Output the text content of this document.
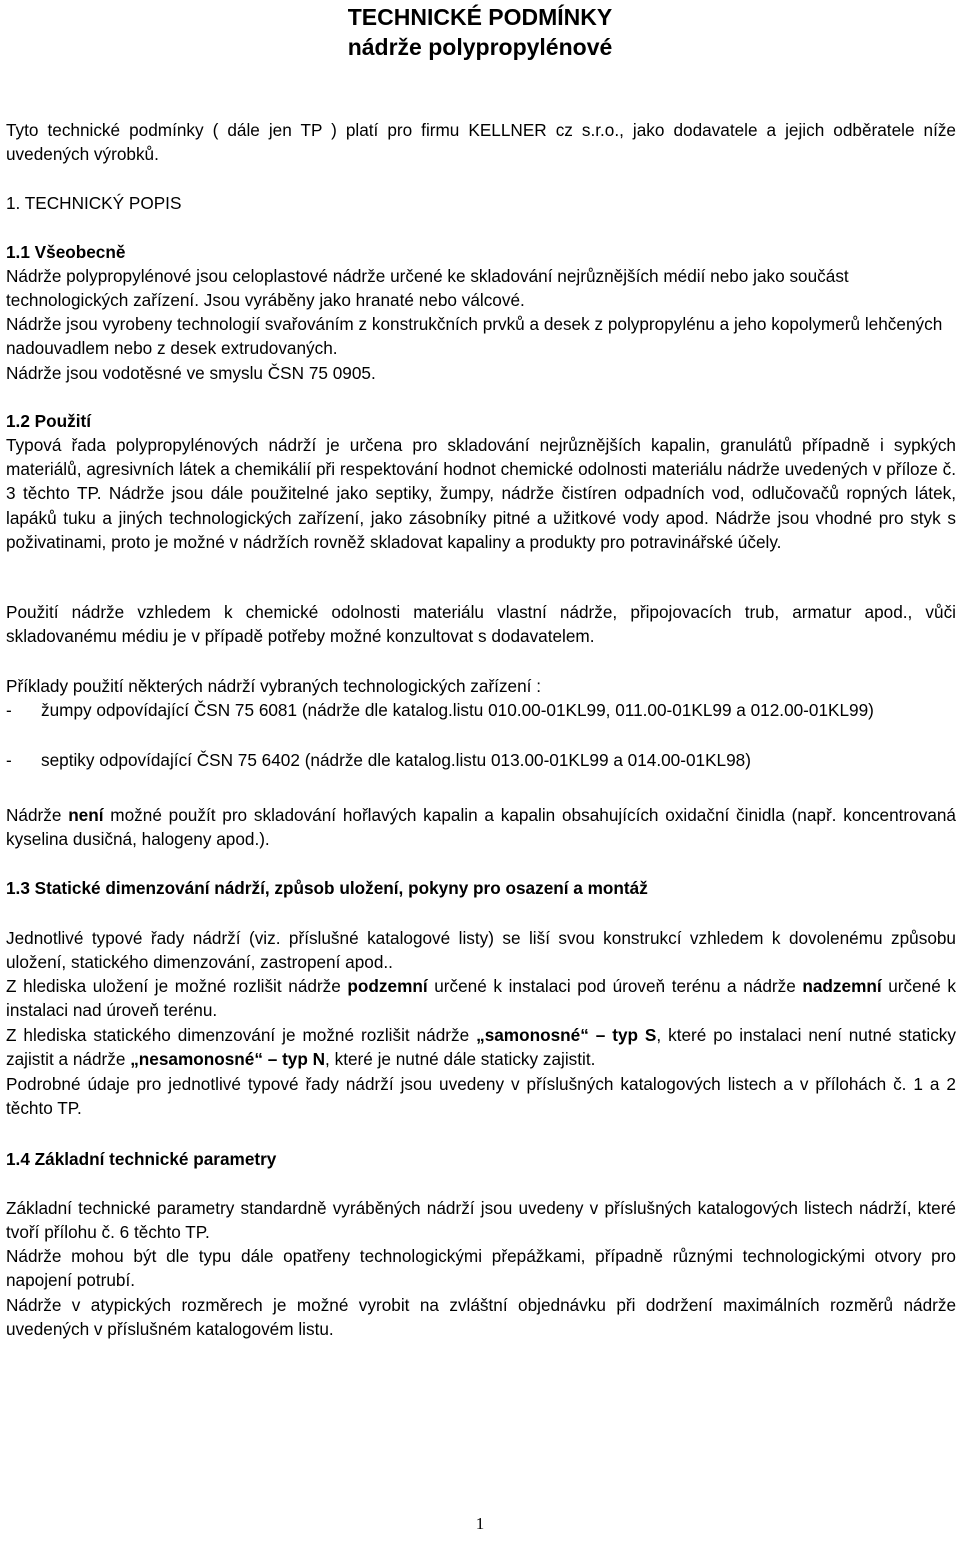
TECHNICKÉ PODMÍNKY
nádrže polypropylénové

Tyto technické podmínky ( dále jen TP ) platí pro firmu KELLNER cz s.r.o., jako dodavatele a jejich odběratele níže uvedených výrobků.

1. TECHNICKÝ POPIS

1.1 Všeobecně

Nádrže polypropylénové jsou celoplastové nádrže určené ke skladování nejrůznějších médií nebo jako součást technologických zařízení. Jsou vyráběny jako hranaté nebo válcové.

Nádrže jsou vyrobeny technologií svařováním z konstrukčních prvků a desek z polypropylénu a jeho kopolymerů lehčených nadouvadlem nebo z desek extrudovaných.

Nádrže jsou vodotěsné ve smyslu ČSN 75 0905.

1.2 Použití

Typová řada polypropylénových nádrží je určena pro skladování nejrůznějších kapalin, granulátů případně i sypkých materiálů, agresivních látek a chemikálií při respektování hodnot chemické odolnosti materiálu nádrže uvedených v příloze č. 3 těchto TP. Nádrže jsou dále použitelné jako septiky, žumpy, nádrže čistíren odpadních vod, odlučovačů ropných látek, lapáků tuku a jiných technologických zařízení, jako zásobníky pitné a užitkové vody apod. Nádrže jsou vhodné pro styk s poživatinami, proto je možné v nádržích rovněž skladovat kapaliny a produkty pro potravinářské účely.

Použití nádrže vzhledem k chemické odolnosti materiálu vlastní nádrže, připojovacích trub, armatur apod., vůči skladovanému médiu je v případě potřeby možné konzultovat s dodavatelem.

Příklady použití některých nádrží vybraných technologických zařízení :

- žumpy odpovídající ČSN 75 6081 (nádrže dle katalog.listu 010.00-01KL99, 011.00-01KL99 a 012.00-01KL99)
- septiky odpovídající ČSN 75 6402 (nádrže dle katalog.listu 013.00-01KL99 a 014.00-01KL98)

Nádrže není možné použít pro skladování hořlavých kapalin a kapalin obsahujících oxidační činidla (např. koncentrovaná kyselina dusičná, halogeny apod.).

1.3 Statické dimenzování nádrží, způsob uložení, pokyny pro osazení a montáž

Jednotlivé typové řady nádrží (viz. příslušné katalogové listy) se liší svou konstrukcí vzhledem k dovolenému způsobu uložení, statického dimenzování, zastropení apod..

Z hlediska uložení je možné rozlišit nádrže podzemní určené k instalaci pod úroveň terénu a nádrže nadzemní určené k instalaci nad úroveň terénu.

Z hlediska statického dimenzování je možné rozlišit nádrže „samonosné“ – typ S, které po instalaci není nutné staticky zajistit a nádrže „nesamonosné“ – typ N, které je nutné dále staticky zajistit.

Podrobné údaje pro jednotlivé typové řady nádrží jsou uvedeny v příslušných katalogových listech a v přílohách č. 1 a 2 těchto TP.

1.4 Základní technické parametry

Základní technické parametry standardně vyráběných nádrží jsou uvedeny v příslušných katalogových listech nádrží, které tvoří přílohu č. 6 těchto TP.

Nádrže mohou být dle typu dále opatřeny technologickými přepážkami, případně různými technologickými otvory pro napojení potrubí.

Nádrže v atypických rozměrech je možné vyrobit na zvláštní objednávku při dodržení maximálních rozměrů nádrže uvedených v příslušném katalogovém listu.

1
